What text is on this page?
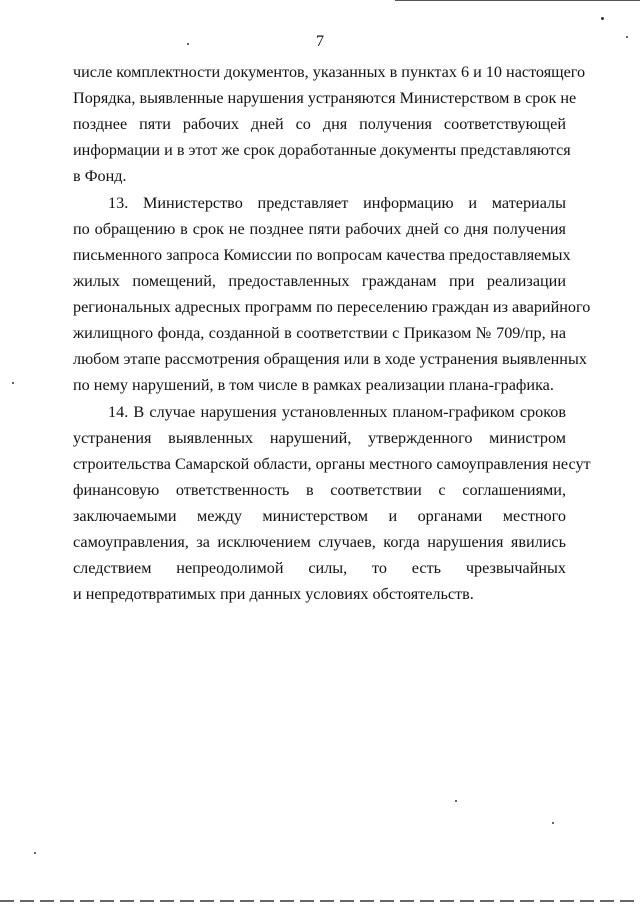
7
числе комплектности документов, указанных в пунктах 6 и 10 настоящего
Порядка, выявленные нарушения устраняются Министерством в срок не
позднее пяти рабочих дней со дня получения соответствующей
информации и в этот же срок доработанные документы представляются
в Фонд.
13. Министерство представляет информацию и материалы
по обращению в срок не позднее пяти рабочих дней со дня получения
письменного запроса Комиссии по вопросам качества предоставляемых
жилых помещений, предоставленных гражданам при реализации
региональных адресных программ по переселению граждан из аварийного
жилищного фонда, созданной в соответствии с Приказом № 709/пр, на
любом этапе рассмотрения обращения или в ходе устранения выявленных
по нему нарушений, в том числе в рамках реализации плана-графика.
14. В случае нарушения установленных планом-графиком сроков
устранения выявленных нарушений, утвержденного министром
строительства Самарской области, органы местного самоуправления несут
финансовую ответственность в соответствии с соглашениями,
заключаемыми между министерством и органами местного
самоуправления, за исключением случаев, когда нарушения явились
следствием непреодолимой силы, то есть чрезвычайных
и непредотвратимых при данных условиях обстоятельств.
